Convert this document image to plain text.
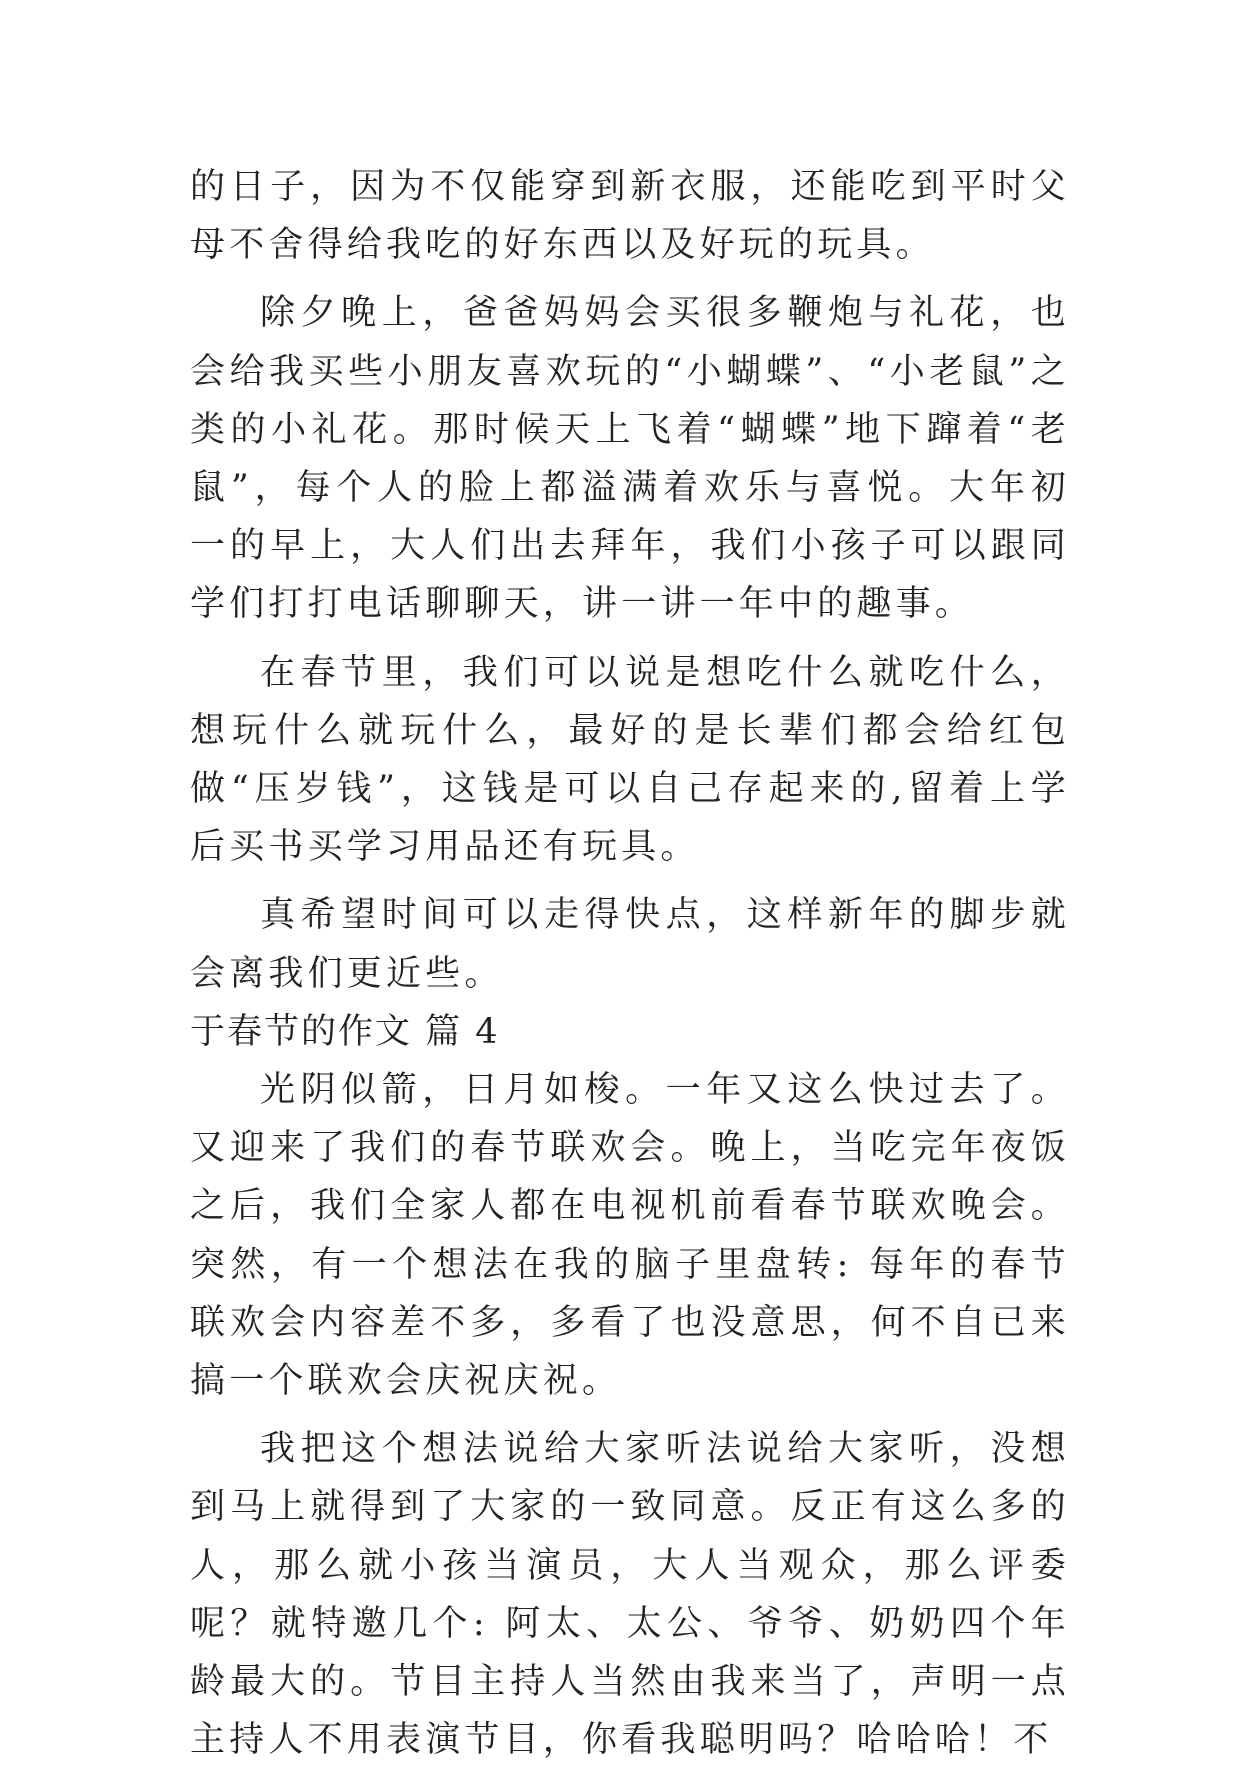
的日子，因为不仅能穿到新衣服，还能吃到平时父母不舍得给我吃的好东西以及好玩的玩具。

除夕晚上，爸爸妈妈会买很多鞭炮与礼花，也会给我买些小朋友喜欢玩的“小蝴蝶”、“小老鼠”之类的小礼花。那时候天上飞着“蝴蝶”地下蹿着“老鼠”，每个人的脸上都溢满着欢乐与喜悦。大年初一的早上，大人们出去拜年，我们小孩子可以跟同学们打打电话聊聊天，讲一讲一年中的趣事。

在春节里，我们可以说是想吃什么就吃什么，想玩什么就玩什么，最好的是长辈们都会给红包做“压岁钱”，这钱是可以自己存起来的,留着上学后买书买学习用品还有玩具。

真希望时间可以走得快点，这样新年的脚步就会离我们更近些。

于春节的作文 篇 4

光阴似箭，日月如梭。一年又这么快过去了。又迎来了我们的春节联欢会。晚上，当吃完年夜饭之后，我们全家人都在电视机前看春节联欢晚会。突然，有一个想法在我的脑子里盘转: 每年的春节联欢会内容差不多，多看了也没意思，何不自已来搞一个联欢会庆祝庆祝。

我把这个想法说给大家听法说给大家听，没想到马上就得到了大家的一致同意。反正有这么多的人，那么就小孩当演员，大人当观众，那么评委呢？就特邀几个: 阿太、太公、爷爷、奶奶四个年龄最大的。节目主持人当然由我来当了，声明一点主持人不用表演节目，你看我聪明吗？哈哈哈！不
